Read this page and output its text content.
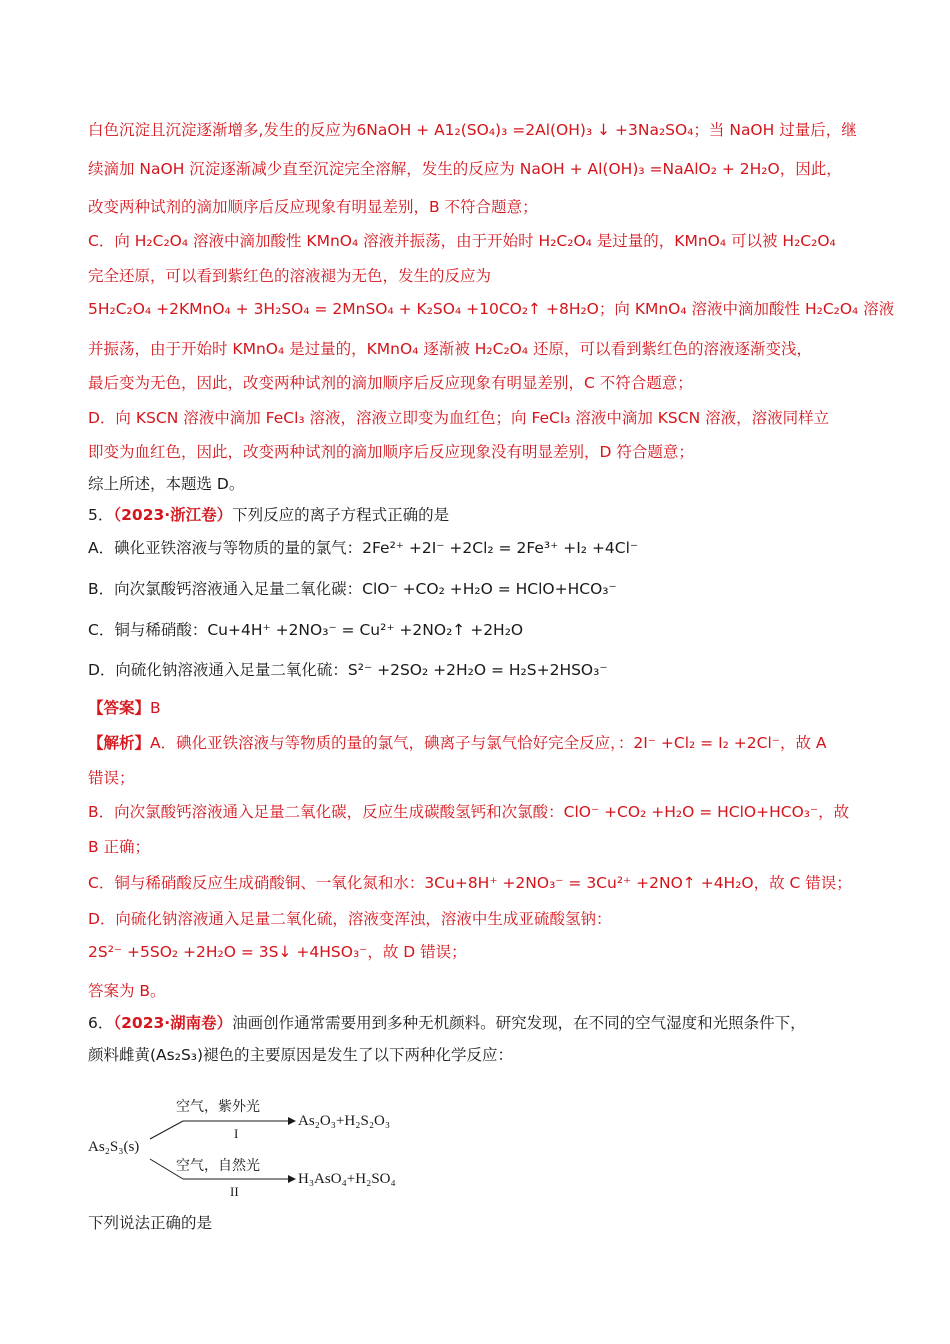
白色沉淀且沉淀逐渐增多,发生的反应为6NaOH + A1₂(SO₄)₃ =2Al(OH)₃ ↓ +3Na₂SO₄；当 NaOH 过量后，继
续滴加 NaOH 沉淀逐渐减少直至沉淀完全溶解，发生的反应为 NaOH + Al(OH)₃ =NaAlO₂ + 2H₂O，因此，
改变两种试剂的滴加顺序后反应现象有明显差别，B 不符合题意；
C．向 H₂C₂O₄ 溶液中滴加酸性 KMnO₄ 溶液并振荡，由于开始时 H₂C₂O₄ 是过量的，KMnO₄ 可以被 H₂C₂O₄
完全还原，可以看到紫红色的溶液褪为无色，发生的反应为
5H₂C₂O₄ +2KMnO₄ + 3H₂SO₄ = 2MnSO₄ + K₂SO₄ +10CO₂↑ +8H₂O；向 KMnO₄ 溶液中滴加酸性 H₂C₂O₄ 溶液
并振荡，由于开始时 KMnO₄ 是过量的，KMnO₄ 逐渐被 H₂C₂O₄ 还原，可以看到紫红色的溶液逐渐变浅，
最后变为无色，因此，改变两种试剂的滴加顺序后反应现象有明显差别，C 不符合题意；
D．向 KSCN 溶液中滴加 FeCl₃ 溶液，溶液立即变为血红色；向 FeCl₃ 溶液中滴加 KSCN 溶液，溶液同样立
即变为血红色，因此，改变两种试剂的滴加顺序后反应现象没有明显差别，D 符合题意；
综上所述，本题选 D。
5．（2023·浙江卷）下列反应的离子方程式正确的是
A．碘化亚铁溶液与等物质的量的氯气：2Fe²⁺ +2I⁻ +2Cl₂ = 2Fe³⁺ +I₂ +4Cl⁻
B．向次氯酸钙溶液通入足量二氧化碳：ClO⁻ +CO₂ +H₂O = HClO+HCO₃⁻
C．铜与稀硝酸：Cu+4H⁺ +2NO₃⁻ = Cu²⁺ +2NO₂↑ +2H₂O
D．向硫化钠溶液通入足量二氧化硫：S²⁻ +2SO₂ +2H₂O = H₂S+2HSO₃⁻
【答案】B
【解析】A．碘化亚铁溶液与等物质的量的氯气，碘离子与氯气恰好完全反应，：2I⁻ +Cl₂ = I₂ +2Cl⁻，故 A
错误；
B．向次氯酸钙溶液通入足量二氧化碳，反应生成碳酸氢钙和次氯酸：ClO⁻ +CO₂ +H₂O = HClO+HCO₃⁻，故
B 正确；
C．铜与稀硝酸反应生成硝酸铜、一氧化氮和水：3Cu+8H⁺ +2NO₃⁻ = 3Cu²⁺ +2NO↑ +4H₂O，故 C 错误；
D．向硫化钠溶液通入足量二氧化硫，溶液变浑浊，溶液中生成亚硫酸氢钠：
2S²⁻ +5SO₂ +2H₂O = 3S↓ +4HSO₃⁻，故 D 错误；
答案为 B。
6．（2023·湖南卷）油画创作通常需要用到多种无机颜料。研究发现，在不同的空气湿度和光照条件下，
颜料雌黄(As₂S₃)褪色的主要原因是发生了以下两种化学反应：
As₂S₃(s)
空气，紫外光
I
As₂O₃+H₂S₂O₃
空气，自然光
II
H₃AsO₄+H₂SO₄
下列说法正确的是
